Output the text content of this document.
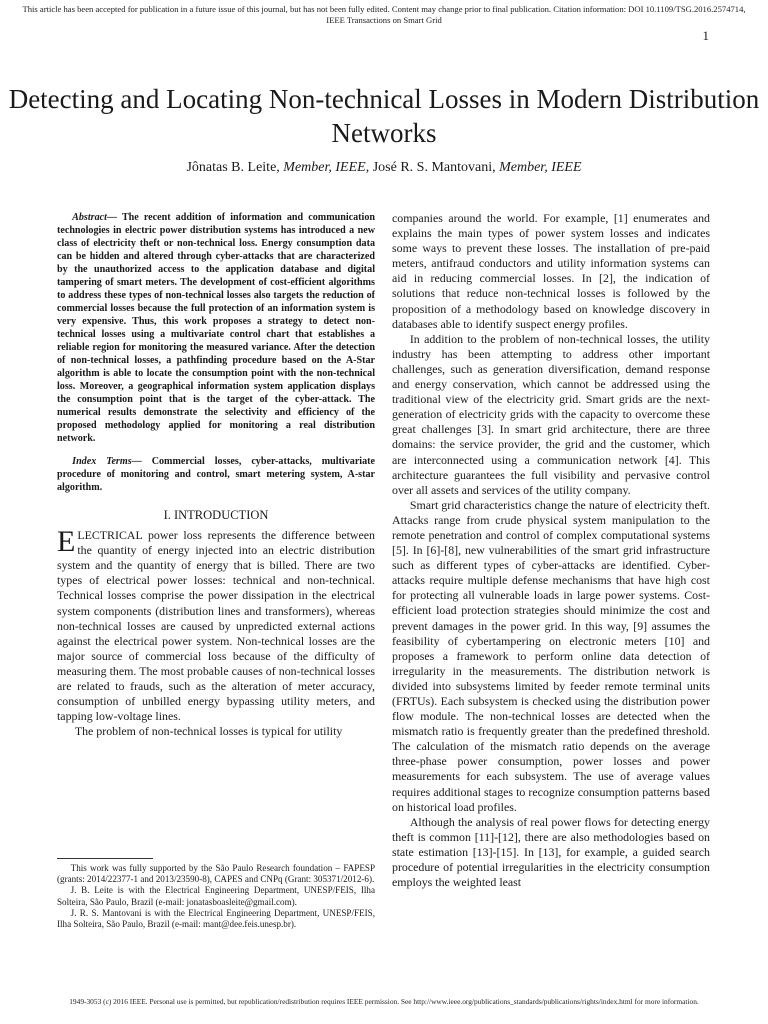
This article has been accepted for publication in a future issue of this journal, but has not been fully edited. Content may change prior to final publication. Citation information: DOI 10.1109/TSG.2016.2574714, IEEE Transactions on Smart Grid
1
Detecting and Locating Non-technical Losses in Modern Distribution Networks
Jônatas B. Leite, Member, IEEE, José R. S. Mantovani, Member, IEEE

Abstract— The recent addition of information and communication technologies in electric power distribution systems has introduced a new class of electricity theft or non-technical loss. Energy consumption data can be hidden and altered through cyber-attacks that are characterized by the unauthorized access to the application database and digital tampering of smart meters. The development of cost-efficient algorithms to address these types of non-technical losses also targets the reduction of commercial losses because the full protection of an information system is very expensive. Thus, this work proposes a strategy to detect non-technical losses using a multivariate control chart that establishes a reliable region for monitoring the measured variance. After the detection of non-technical losses, a pathfinding procedure based on the A-Star algorithm is able to locate the consumption point with the non-technical loss. Moreover, a geographical information system application displays the consumption point that is the target of the cyber-attack. The numerical results demonstrate the selectivity and efficiency of the proposed methodology applied for monitoring a real distribution network.

Index Terms— Commercial losses, cyber-attacks, multivariate procedure of monitoring and control, smart metering system, A-star algorithm.

I. INTRODUCTION

ELECTRICAL power loss represents the difference between the quantity of energy injected into an electric distribution system and the quantity of energy that is billed. There are two types of electrical power losses: technical and non-technical. Technical losses comprise the power dissipation in the electrical system components (distribution lines and transformers), whereas non-technical losses are caused by unpredicted external actions against the electrical power system. Non-technical losses are the major source of commercial loss because of the difficulty of measuring them. The most probable causes of non-technical losses are related to frauds, such as the alteration of meter accuracy, consumption of unbilled energy bypassing utility meters, and tapping low-voltage lines.

The problem of non-technical losses is typical for utility

companies around the world. For example, [1] enumerates and explains the main types of power system losses and indicates some ways to prevent these losses. The installation of pre-paid meters, antifraud conductors and utility information systems can aid in reducing commercial losses. In [2], the indication of solutions that reduce non-technical losses is followed by the proposition of a methodology based on knowledge discovery in databases able to identify suspect energy profiles.

In addition to the problem of non-technical losses, the utility industry has been attempting to address other important challenges, such as generation diversification, demand response and energy conservation, which cannot be addressed using the traditional view of the electricity grid. Smart grids are the next-generation of electricity grids with the capacity to overcome these great challenges [3]. In smart grid architecture, there are three domains: the service provider, the grid and the customer, which are interconnected using a communication network [4]. This architecture guarantees the full visibility and pervasive control over all assets and services of the utility company.

Smart grid characteristics change the nature of electricity theft. Attacks range from crude physical system manipulation to the remote penetration and control of complex computational systems [5]. In [6]-[8], new vulnerabilities of the smart grid infrastructure such as different types of cyber-attacks are identified. Cyber-attacks require multiple defense mechanisms that have high cost for protecting all vulnerable loads in large power systems. Cost-efficient load protection strategies should minimize the cost and prevent damages in the power grid. In this way, [9] assumes the feasibility of cybertampering on electronic meters [10] and proposes a framework to perform online data detection of irregularity in the measurements. The distribution network is divided into subsystems limited by feeder remote terminal units (FRTUs). Each subsystem is checked using the distribution power flow module. The non-technical losses are detected when the mismatch ratio is frequently greater than the predefined threshold. The calculation of the mismatch ratio depends on the average three-phase power consumption, power losses and power measurements for each subsystem. The use of average values requires additional stages to recognize consumption patterns based on historical load profiles.

Although the analysis of real power flows for detecting energy theft is common [11]-[12], there are also methodologies based on state estimation [13]-[15]. In [13], for example, a guided search procedure of potential irregularities in the electricity consumption employs the weighted least

This work was fully supported by the São Paulo Research foundation – FAPESP (grants: 2014/22377-1 and 2013/23590-8), CAPES and CNPq (Grant: 305371/2012-6).

J. B. Leite is with the Electrical Engineering Department, UNESP/FEIS, Ilha Solteira, São Paulo, Brazil (e-mail: jonatasboasleite@gmail.com).

J. R. S. Mantovani is with the Electrical Engineering Department, UNESP/FEIS, Ilha Solteira, São Paulo, Brazil (e-mail: mant@dee.feis.unesp.br).

1949-3053 (c) 2016 IEEE. Personal use is permitted, but republication/redistribution requires IEEE permission. See http://www.ieee.org/publications_standards/publications/rights/index.html for more information.
